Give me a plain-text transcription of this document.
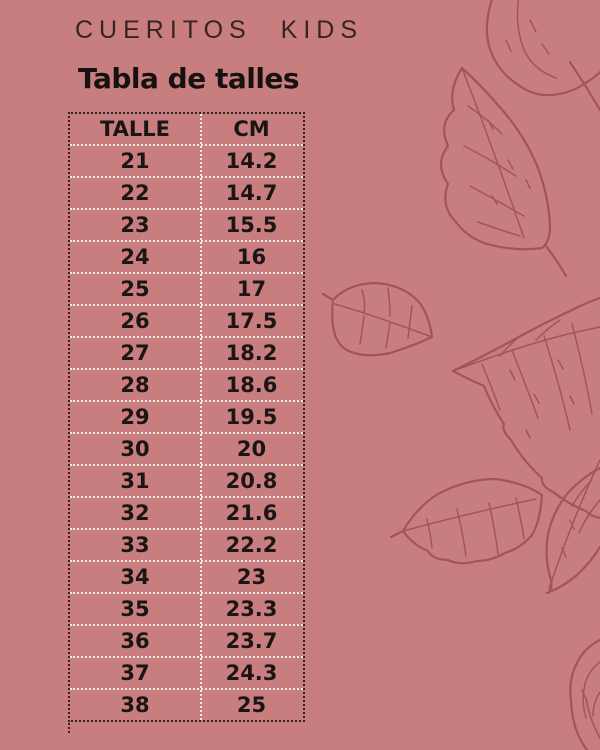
CUERITOS KIDS
Tabla de talles
TALLE	CM
21	14.2
22	14.7
23	15.5
24	16
25	17
26	17.5
27	18.2
28	18.6
29	19.5
30	20
31	20.8
32	21.6
33	22.2
34	23
35	23.3
36	23.7
37	24.3
38	25
